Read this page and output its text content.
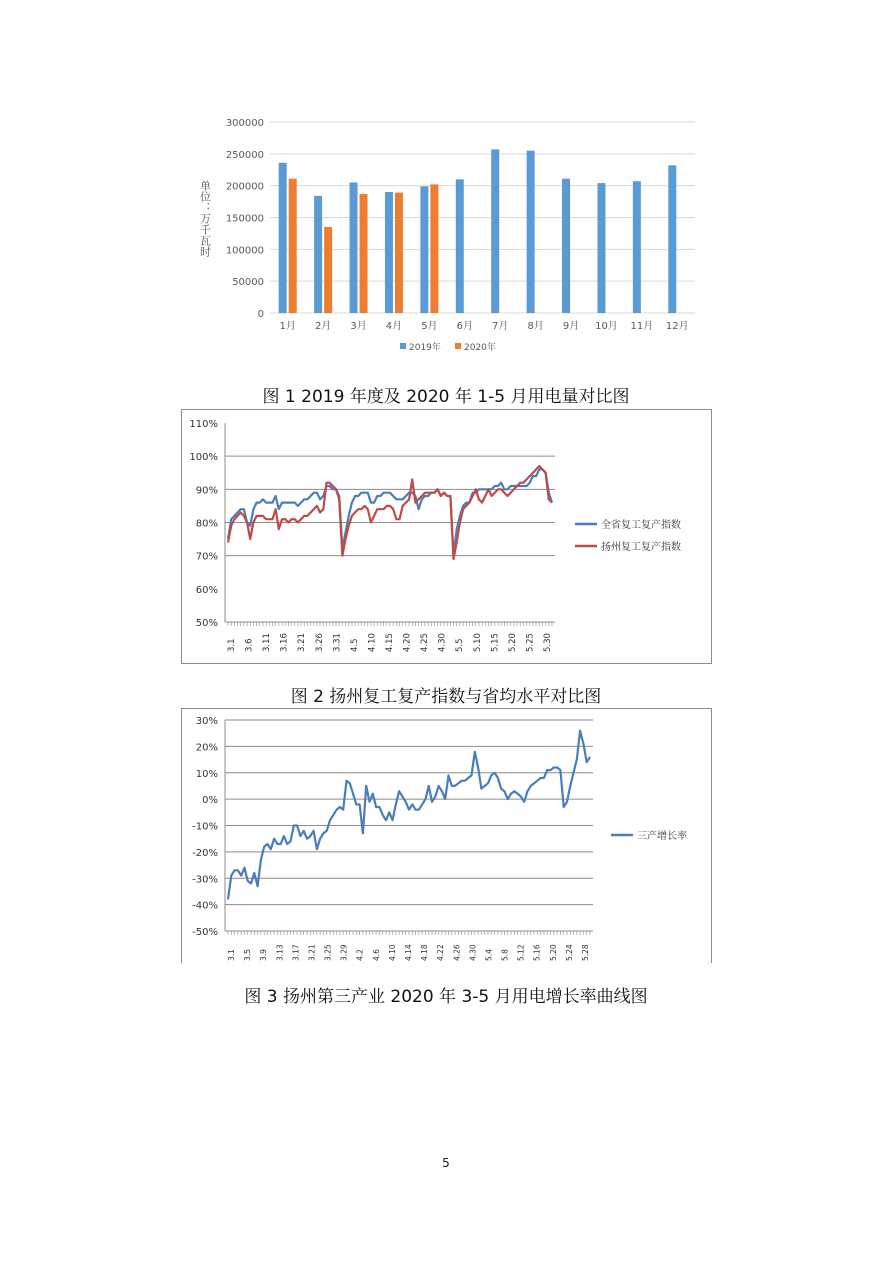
0
50000
100000
150000
200000
250000
300000
1月 2月 3月 4月 5月 6月 7月 8月 9月 10月 11月 12月
2019年	2020年
单位：万千瓦时
图 1 2019 年度及 2020 年 1-5 月用电量对比图
50%
60%
70%
80%
90%
100%
110%
3.1 3.6 3.11 3.16 3.21 3.26 3.31 4.5 4.10 4.15 4.20 4.25 4.30 5.5 5.10 5.15 5.20 5.25 5.30
全省复工复产指数
扬州复工复产指数
图 2 扬州复工复产指数与省均水平对比图
-50%
-40%
-30%
-20%
-10%
0%
10%
20%
30%
3.1 3.5 3.9 3.13 3.17 3.21 3.25 3.29 4.2 4.6 4.10 4.14 4.18 4.22 4.26 4.30 5.4 5.8 5.12 5.16 5.20 5.24 5.28
三产增长率
图 3 扬州第三产业 2020 年 3-5 月用电增长率曲线图
5
